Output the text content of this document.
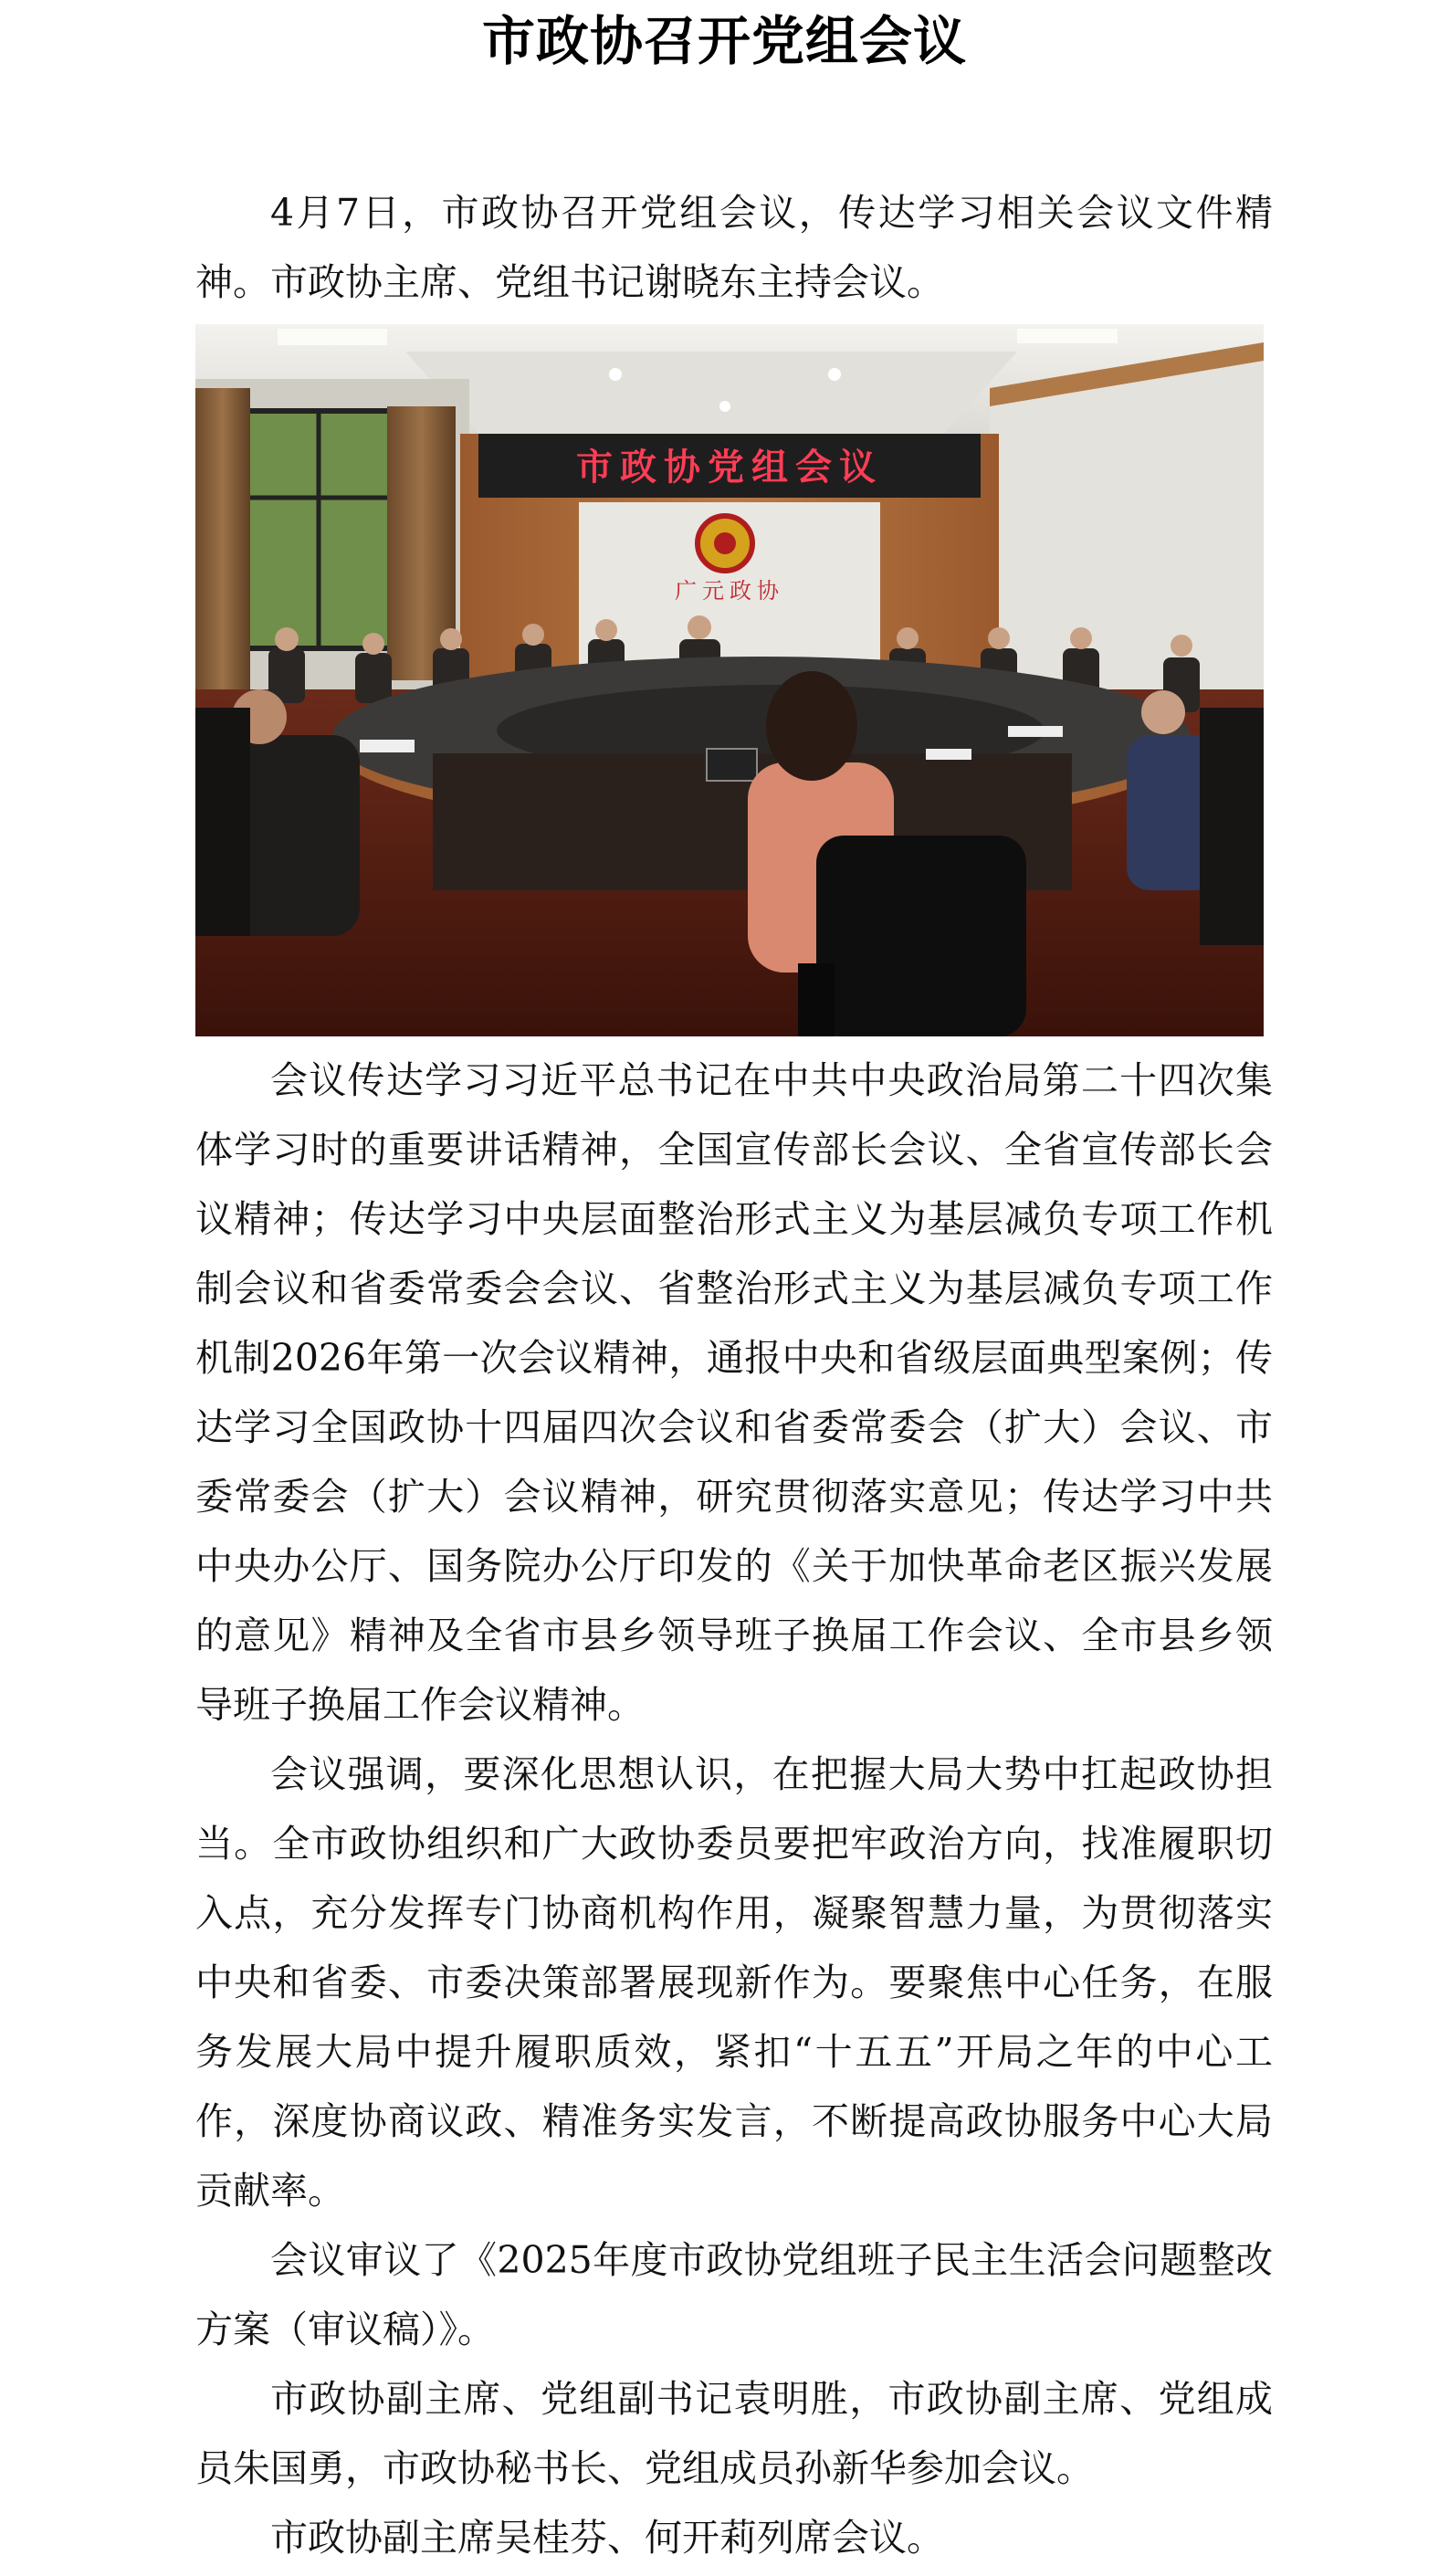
市政协召开党组会议

4月7日，市政协召开党组会议，传达学习相关会议文件精神。市政协主席、党组书记谢晓东主持会议。

市政协党组会议
广元政协

会议传达学习习近平总书记在中共中央政治局第二十四次集体学习时的重要讲话精神，全国宣传部长会议、全省宣传部长会议精神；传达学习中央层面整治形式主义为基层减负专项工作机制会议和省委常委会会议、省整治形式主义为基层减负专项工作机制2026年第一次会议精神，通报中央和省级层面典型案例；传达学习全国政协十四届四次会议和省委常委会（扩大）会议、市委常委会（扩大）会议精神，研究贯彻落实意见；传达学习中共中央办公厅、国务院办公厅印发的《关于加快革命老区振兴发展的意见》精神及全省市县乡领导班子换届工作会议、全市县乡领导班子换届工作会议精神。

会议强调，要深化思想认识，在把握大局大势中扛起政协担当。全市政协组织和广大政协委员要把牢政治方向，找准履职切入点，充分发挥专门协商机构作用，凝聚智慧力量，为贯彻落实中央和省委、市委决策部署展现新作为。要聚焦中心任务，在服务发展大局中提升履职质效，紧扣“十五五”开局之年的中心工作，深度协商议政、精准务实发言，不断提高政协服务中心大局贡献率。

会议审议了《2025年度市政协党组班子民主生活会问题整改方案（审议稿）》。

市政协副主席、党组副书记袁明胜，市政协副主席、党组成员朱国勇，市政协秘书长、党组成员孙新华参加会议。

市政协副主席吴桂芬、何开莉列席会议。
